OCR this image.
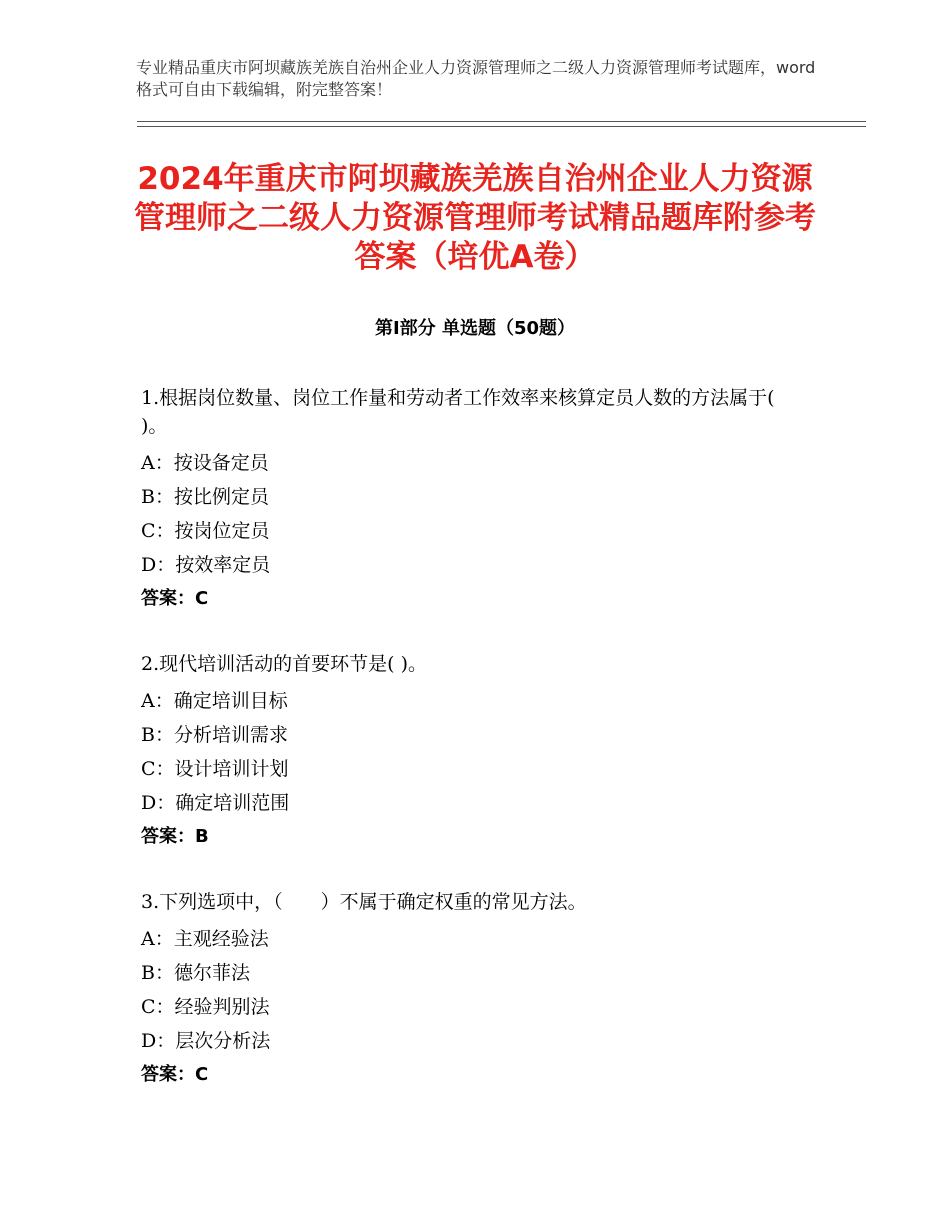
专业精品重庆市阿坝藏族羌族自治州企业人力资源管理师之二级人力资源管理师考试题库，word格式可自由下载编辑，附完整答案！
2024年重庆市阿坝藏族羌族自治州企业人力资源管理师之二级人力资源管理师考试精品题库附参考答案（培优A卷）
第Ⅰ部分 单选题（50题）
1.根据岗位数量、岗位工作量和劳动者工作效率来核算定员人数的方法属于( )。
A：按设备定员
B：按比例定员
C：按岗位定员
D：按效率定员
答案：C
2.现代培训活动的首要环节是( )。
A：确定培训目标
B：分析培训需求
C：设计培训计划
D：确定培训范围
答案：B
3.下列选项中，（　　）不属于确定权重的常见方法。
A：主观经验法
B：德尔菲法
C：经验判别法
D：层次分析法
答案：C
